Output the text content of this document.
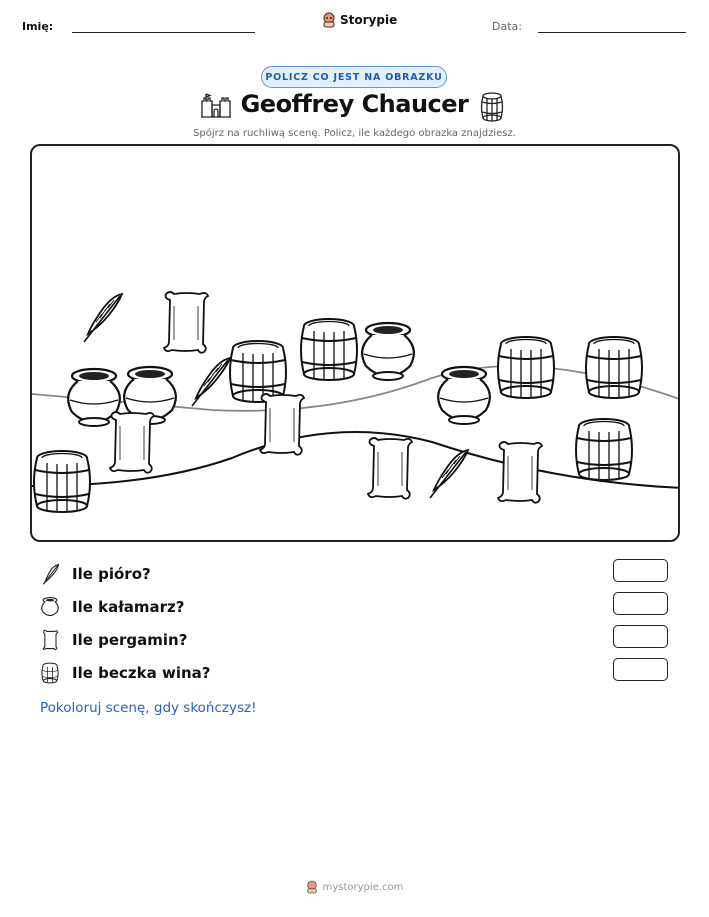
Imię:	Storypie	Data:
POLICZ CO JEST NA OBRAZKU
Geoffrey Chaucer
Spójrz na ruchliwą scenę. Policz, ile każdego obrazka znajdziesz.
Ile pióro?
Ile kałamarz?
Ile pergamin?
Ile beczka wina?
Pokoloruj scenę, gdy skończysz!
mystorypie.com
